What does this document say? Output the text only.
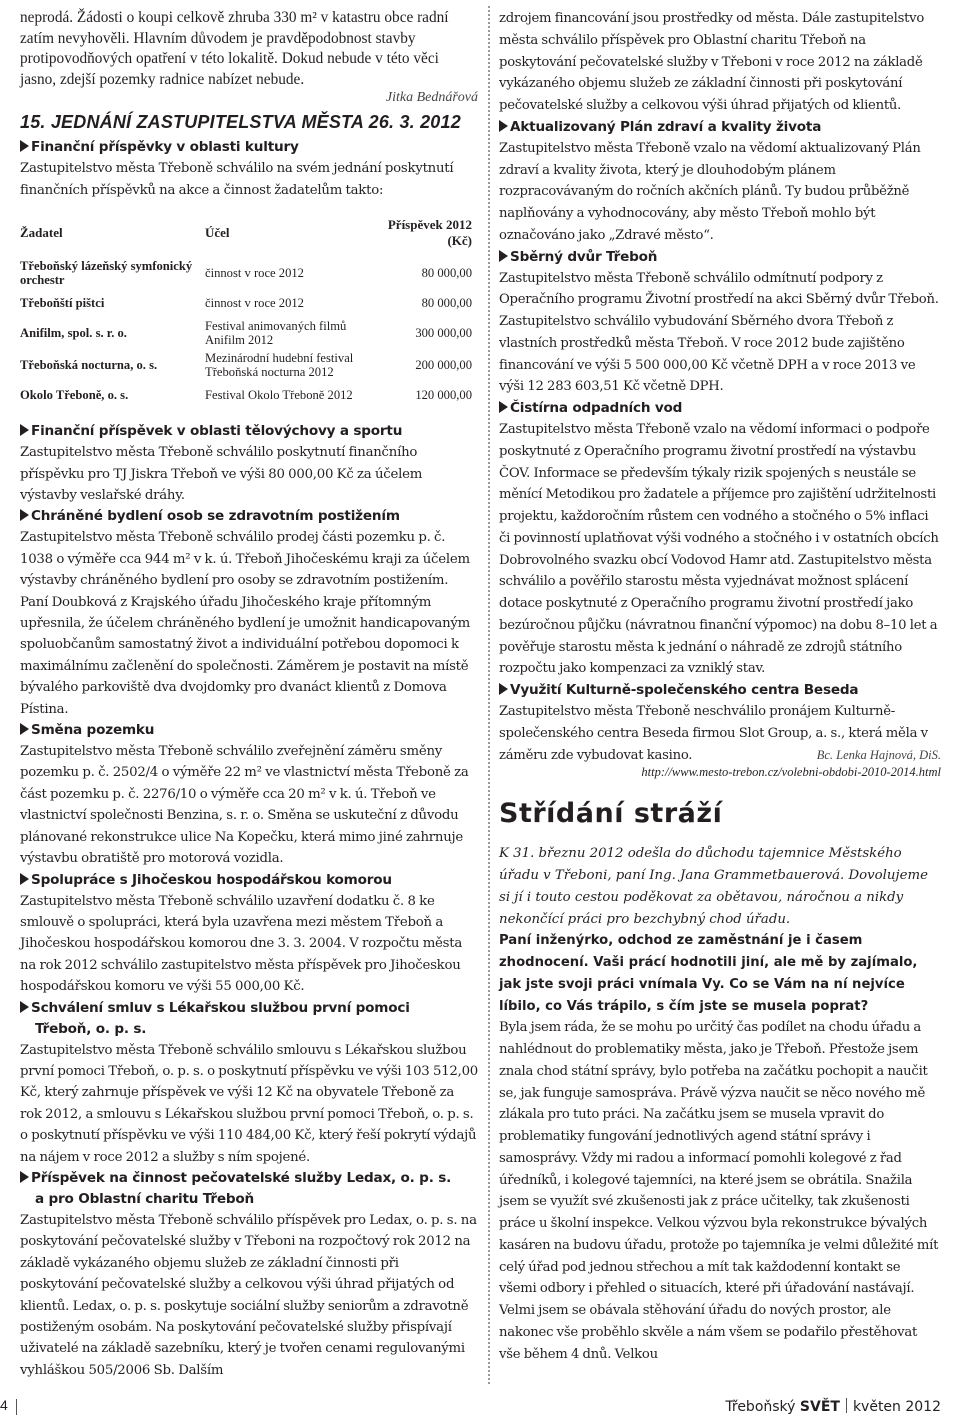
neprodá. Žádosti o koupi celkově zhruba 330 m² v katastru obce radní zatím nevyhověli. Hlavním důvodem je pravděpodobnost stavby protipovodňových opatření v této lokalitě. Dokud nebude v této věci jasno, zdejší pozemky radnice nabízet nebude.

Jitka Bednářová
15. JEDNÁNÍ ZASTUPITELSTVA MĚSTA 26. 3. 2012
Finanční příspěvky v oblasti kultury

Zastupitelstvo města Třeboně schválilo na svém jednání poskytnutí finančních příspěvků na akce a činnost žadatelům takto:

Žadatel	Účel	Příspěvek 2012 (Kč)
Třeboňský lázeňský symfonický orchestr	činnost v roce 2012	80 000,00
Třeboňští pištci	činnost v roce 2012	80 000,00
Anifilm, spol. s. r. o.	Festival animovaných filmů Anifilm 2012	300 000,00
Třeboňská nocturna, o. s.	Mezinárodní hudební festival Třeboňská nocturna 2012	200 000,00
Okolo Třeboně, o. s.	Festival Okolo Třeboně 2012	120 000,00
Finanční příspěvek v oblasti tělovýchovy a sportu

Zastupitelstvo města Třeboně schválilo poskytnutí finančního příspěvku pro TJ Jiskra Třeboň ve výši 80 000,00 Kč za účelem výstavby veslařské dráhy.

Chráněné bydlení osob se zdravotním postižením

Zastupitelstvo města Třeboně schválilo prodej části pozemku p. č. 1038 o výměře cca 944 m² v k. ú. Třeboň Jihočeskému kraji za účelem výstavby chráněného bydlení pro osoby se zdravotním postižením. Paní Doubková z Krajského úřadu Jihočeského kraje přítomným upřesnila, že účelem chráněného bydlení je umožnit handicapovaným spoluobčanům samostatný život a individuální potřebou dopomoci k maximálnímu začlenění do společnosti. Záměrem je postavit na místě bývalého parkoviště dva dvojdomky pro dvanáct klientů z Domova Pístina.

Směna pozemku

Zastupitelstvo města Třeboně schválilo zveřejnění záměru směny pozemku p. č. 2502/4 o výměře 22 m² ve vlastnictví města Třeboně za část pozemku p. č. 2276/10 o výměře cca 20 m² v k. ú. Třeboň ve vlastnictví společnosti Benzina, s. r. o. Směna se uskuteční z důvodu plánované rekonstrukce ulice Na Kopečku, která mimo jiné zahrnuje výstavbu obratiště pro motorová vozidla.

Spolupráce s Jihočeskou hospodářskou komorou

Zastupitelstvo města Třeboně schválilo uzavření dodatku č. 8 ke smlouvě o spolupráci, která byla uzavřena mezi městem Třeboň a Jihočeskou hospodářskou komorou dne 3. 3. 2004. V rozpočtu města na rok 2012 schválilo zastupitelstvo města příspěvek pro Jihočeskou hospodářskou komoru ve výši 55 000,00 Kč.

Schválení smluv s Lékařskou službou první pomoci
Třeboň, o. p. s.

Zastupitelstvo města Třeboně schválilo smlouvu s Lékařskou službou první pomoci Třeboň, o. p. s. o poskytnutí příspěvku ve výši 103 512,00 Kč, který zahrnuje příspěvek ve výši 12 Kč na obyvatele Třeboně za rok 2012, a smlouvu s Lékařskou službou první pomoci Třeboň, o. p. s. o poskytnutí příspěvku ve výši 110 484,00 Kč, který řeší pokrytí výdajů na nájem v roce 2012 a služby s ním spojené.

Příspěvek na činnost pečovatelské služby Ledax, o. p. s.
a pro Oblastní charitu Třeboň

Zastupitelstvo města Třeboně schválilo příspěvek pro Ledax, o. p. s. na poskytování pečovatelské služby v Třeboni na rozpočtový rok 2012 na základě vykázaného objemu služeb ze základní činnosti při poskytování pečovatelské služby a celkovou výši úhrad přijatých od klientů. Ledax, o. p. s. poskytuje sociální služby seniorům a zdravotně postiženým osobám. Na poskytování pečovatelské služby přispívají uživatelé na základě sazebníku, který je tvořen cenami regulovanými vyhláškou 505/2006 Sb. Dalším

zdrojem financování jsou prostředky od města. Dále zastupitelstvo města schválilo příspěvek pro Oblastní charitu Třeboň na poskytování pečovatelské služby v Třeboni v roce 2012 na základě vykázaného objemu služeb ze základní činnosti při poskytování pečovatelské služby a celkovou výši úhrad přijatých od klientů.

Aktualizovaný Plán zdraví a kvality života

Zastupitelstvo města Třeboně vzalo na vědomí aktualizovaný Plán zdraví a kvality života, který je dlouhodobým plánem rozpracovávaným do ročních akčních plánů. Ty budou průběžně naplňovány a vyhodnocovány, aby město Třeboň mohlo být označováno jako „Zdravé město“.

Sběrný dvůr Třeboň

Zastupitelstvo města Třeboně schválilo odmítnutí podpory z Operačního programu Životní prostředí na akci Sběrný dvůr Třeboň. Zastupitelstvo schválilo vybudování Sběrného dvora Třeboň z vlastních prostředků města Třeboň. V roce 2012 bude zajištěno financování ve výši 5 500 000,00 Kč včetně DPH a v roce 2013 ve výši 12 283 603,51 Kč včetně DPH.

Čistírna odpadních vod

Zastupitelstvo města Třeboně vzalo na vědomí informaci o podpoře poskytnuté z Operačního programu životní prostředí na výstavbu ČOV. Informace se především týkaly rizik spojených s neustále se měnící Metodikou pro žadatele a příjemce pro zajištění udržitelnosti projektu, každoročním růstem cen vodného a stočného o 5% inflaci či povinností uplatňovat výši vodného a stočného i v ostatních obcích Dobrovolného svazku obcí Vodovod Hamr atd. Zastupitelstvo města schválilo a pověřilo starostu města vyjednávat možnost splácení dotace poskytnuté z Operačního programu životní prostředí jako bezúročnou půjčku (návratnou finanční výpomoc) na dobu 8–10 let a pověřuje starostu města k jednání o náhradě ze zdrojů státního rozpočtu jako kompenzaci za vzniklý stav.

Využití Kulturně-společenského centra Beseda

Zastupitelstvo města Třeboně neschválilo pronájem Kulturně-společenského centra Beseda firmou Slot Group, a. s., která měla v záměru zde vybudovat kasino.	Bc. Lenka Hajnová, DiS.
http://www.mesto-trebon.cz/volebni-obdobi-2010-2014.html
Střídání stráží

K 31. březnu 2012 odešla do důchodu tajemnice Městského úřadu v Třeboni, paní Ing. Jana Grammetbauerová. Dovolujeme si jí i touto cestou poděkovat za obětavou, náročnou a nikdy nekončící práci pro bezchybný chod úřadu.

Paní inženýrko, odchod ze zaměstnání je i časem zhodnocení. Vaši prácí hodnotili jiní, ale mě by zajímalo, jak jste svoji práci vnímala Vy. Co se Vám na ní nejvíce líbilo, co Vás trápilo, s čím jste se musela poprat?

Byla jsem ráda, že se mohu po určitý čas podílet na chodu úřadu a nahlédnout do problematiky města, jako je Třeboň. Přestože jsem znala chod státní správy, bylo potřeba na začátku pochopit a naučit se, jak funguje samospráva. Právě výzva naučit se něco nového mě zlákala pro tuto práci. Na začátku jsem se musela vpravit do problematiky fungování jednotlivých agend státní správy i samosprávy. Vždy mi radou a informací pomohli kolegové z řad úředníků, i kolegové tajemníci, na které jsem se obrátila. Snažila jsem se využít své zkušenosti jak z práce učitelky, tak zkušenosti práce u školní inspekce. Velkou výzvou byla rekonstrukce bývalých kasáren na budovu úřadu, protože po tajemníka je velmi důležité mít celý úřad pod jednou střechou a mít tak každodenní kontakt se všemi odbory i přehled o situacích, které při úřadování nastávají. Velmi jsem se obávala stěhování úřadu do nových prostor, ale nakonec vše proběhlo skvěle a nám všem se podařilo přestěhovat vše během 4 dnů. Velkou

4	Třeboňský SVĚT květen 2012
